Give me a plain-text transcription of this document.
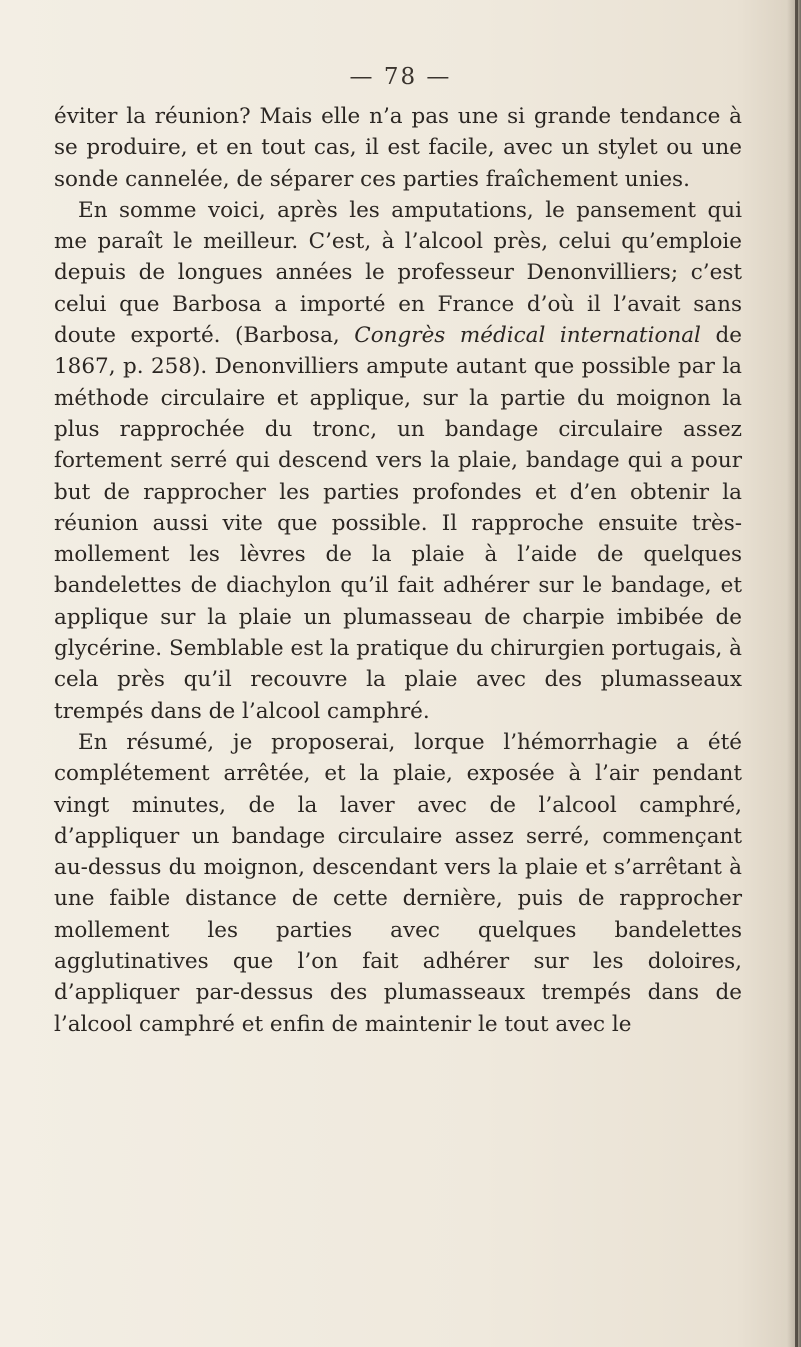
— 78 —

éviter la réunion? Mais elle n’a pas une si grande tendance à se produire, et en tout cas, il est facile, avec un stylet ou une sonde cannelée, de séparer ces parties fraîchement unies.

En somme voici, après les amputations, le pansement qui me paraît le meilleur. C’est, à l’alcool près, celui qu’emploie depuis de longues années le professeur Denonvilliers; c’est celui que Barbosa a importé en France d’où il l’avait sans doute exporté. (Barbosa, Congrès médical international de 1867, p. 258). Denonvilliers ampute autant que possible par la méthode circulaire et applique, sur la partie du moignon la plus rapprochée du tronc, un bandage circulaire assez fortement serré qui descend vers la plaie, bandage qui a pour but de rapprocher les parties profondes et d’en obtenir la réunion aussi vite que possible. Il rapproche ensuite très-mollement les lèvres de la plaie à l’aide de quelques bandelettes de diachylon qu’il fait adhérer sur le bandage, et applique sur la plaie un plumasseau de charpie imbibée de glycérine. Semblable est la pratique du chirurgien portugais, à cela près qu’il recouvre la plaie avec des plumasseaux trempés dans de l’alcool camphré.

En résumé, je proposerai, lorque l’hémorrhagie a été complétement arrêtée, et la plaie, exposée à l’air pendant vingt minutes, de la laver avec de l’alcool camphré, d’appliquer un bandage circulaire assez serré, commençant au-dessus du moignon, descendant vers la plaie et s’arrêtant à une faible distance de cette dernière, puis de rapprocher mollement les parties avec quelques bandelettes agglutinatives que l’on fait adhérer sur les doloires, d’appliquer par-dessus des plumasseaux trempés dans de l’alcool camphré et enfin de maintenir le tout avec le
